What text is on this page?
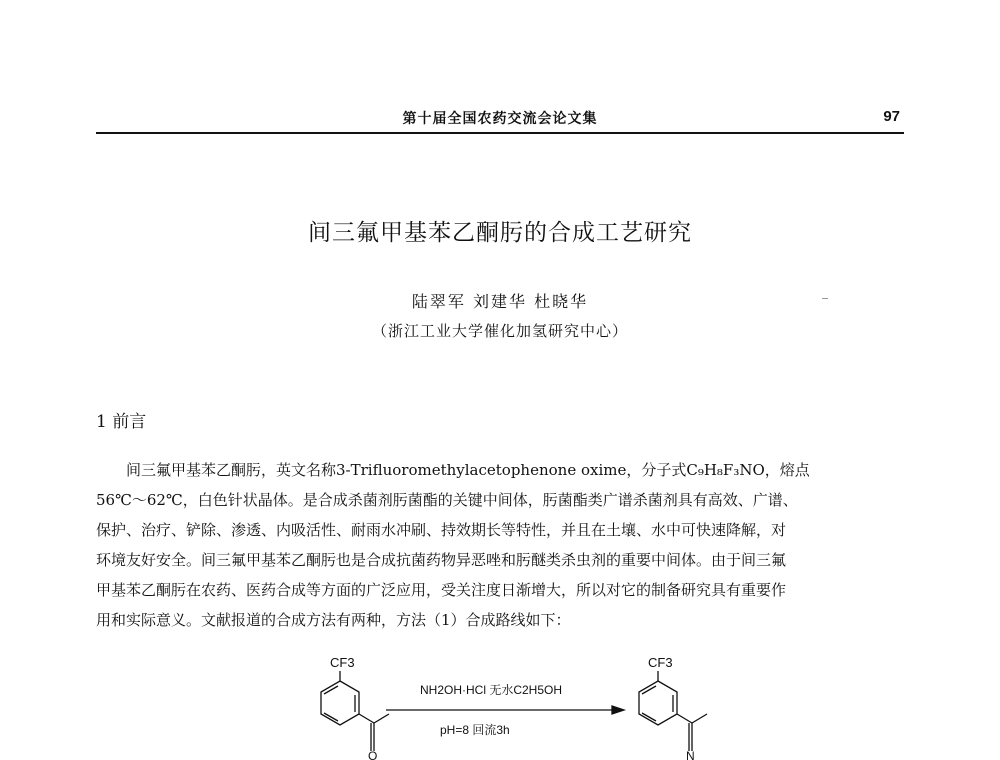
第十届全国农药交流会论文集	97
间三氟甲基苯乙酮肟的合成工艺研究
陆翠军 刘建华 杜晓华
（浙江工业大学催化加氢研究中心）
1 前言

间三氟甲基苯乙酮肟，英文名称3-Trifluoromethylacetophenone oxime，分子式C₉H₈F₃NO，熔点

56℃～62℃，白色针状晶体。是合成杀菌剂肟菌酯的关键中间体，肟菌酯类广谱杀菌剂具有高效、广谱、
保护、治疗、铲除、渗透、内吸活性、耐雨水冲刷、持效期长等特性，并且在土壤、水中可快速降解，对
环境友好安全。间三氟甲基苯乙酮肟也是合成抗菌药物异恶唑和肟醚类杀虫剂的重要中间体。由于间三氟
甲基苯乙酮肟在农药、医药合成等方面的广泛应用，受关注度日渐增大，所以对它的制备研究具有重要作
用和实际意义。文献报道的合成方法有两种，方法（1）合成路线如下：
CF3	CF3
NH2OH·HCl 无水C2H5OH
pH=8 回流3h
O	N
